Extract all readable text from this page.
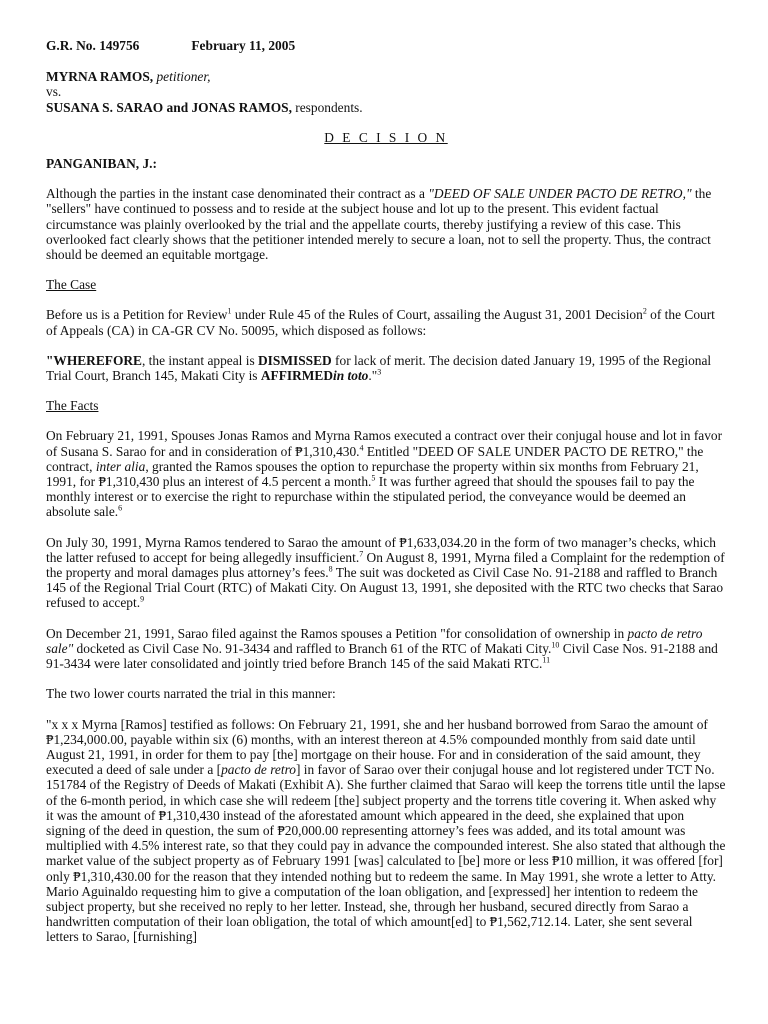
G.R. No. 149756	February 11, 2005

MYRNA RAMOS, petitioner,

vs.

SUSANA S. SARAO and JONAS RAMOS, respondents.

D E C I S I O N

PANGANIBAN, J.:

Although the parties in the instant case denominated their contract as a "DEED OF SALE UNDER PACTO DE RETRO," the "sellers" have continued to possess and to reside at the subject house and lot up to the present. This evident factual circumstance was plainly overlooked by the trial and the appellate courts, thereby justifying a review of this case. This overlooked fact clearly shows that the petitioner intended merely to secure a loan, not to sell the property. Thus, the contract should be deemed an equitable mortgage.

The Case

Before us is a Petition for Review$^1$ under Rule 45 of the Rules of Court, assailing the August 31, 2001 Decision$^2$ of the Court of Appeals (CA) in CA-GR CV No. 50095, which disposed as follows:

"WHEREFORE, the instant appeal is DISMISSED for lack of merit. The decision dated January 19, 1995 of the Regional Trial Court, Branch 145, Makati City is AFFIRMEDin toto."$^3$

The Facts

On February 21, 1991, Spouses Jonas Ramos and Myrna Ramos executed a contract over their conjugal house and lot in favor of Susana S. Sarao for and in consideration of ₱1,310,430.$^4$ Entitled "DEED OF SALE UNDER PACTO DE RETRO," the contract, inter alia, granted the Ramos spouses the option to repurchase the property within six months from February 21, 1991, for ₱1,310,430 plus an interest of 4.5 percent a month.$^5$ It was further agreed that should the spouses fail to pay the monthly interest or to exercise the right to repurchase within the stipulated period, the conveyance would be deemed an absolute sale.$^6$

On July 30, 1991, Myrna Ramos tendered to Sarao the amount of ₱1,633,034.20 in the form of two manager’s checks, which the latter refused to accept for being allegedly insufficient.$^7$ On August 8, 1991, Myrna filed a Complaint for the redemption of the property and moral damages plus attorney’s fees.$^8$ The suit was docketed as Civil Case No. 91-2188 and raffled to Branch 145 of the Regional Trial Court (RTC) of Makati City. On August 13, 1991, she deposited with the RTC two checks that Sarao refused to accept.$^9$

On December 21, 1991, Sarao filed against the Ramos spouses a Petition "for consolidation of ownership in pacto de retro sale" docketed as Civil Case No. 91-3434 and raffled to Branch 61 of the RTC of Makati City.$^{10}$ Civil Case Nos. 91-2188 and 91-3434 were later consolidated and jointly tried before Branch 145 of the said Makati RTC.$^{11}$

The two lower courts narrated the trial in this manner:

"x x x Myrna [Ramos] testified as follows: On February 21, 1991, she and her husband borrowed from Sarao the amount of ₱1,234,000.00, payable within six (6) months, with an interest thereon at 4.5% compounded monthly from said date until August 21, 1991, in order for them to pay [the] mortgage on their house. For and in consideration of the said amount, they executed a deed of sale under a [pacto de retro] in favor of Sarao over their conjugal house and lot registered under TCT No. 151784 of the Registry of Deeds of Makati (Exhibit A). She further claimed that Sarao will keep the torrens title until the lapse of the 6-month period, in which case she will redeem [the] subject property and the torrens title covering it. When asked why it was the amount of ₱1,310,430 instead of the aforestated amount which appeared in the deed, she explained that upon signing of the deed in question, the sum of ₱20,000.00 representing attorney’s fees was added, and its total amount was multiplied with 4.5% interest rate, so that they could pay in advance the compounded interest. She also stated that although the market value of the subject property as of February 1991 [was] calculated to [be] more or less ₱10 million, it was offered [for] only ₱1,310,430.00 for the reason that they intended nothing but to redeem the same. In May 1991, she wrote a letter to Atty. Mario Aguinaldo requesting him to give a computation of the loan obligation, and [expressed] her intention to redeem the subject property, but she received no reply to her letter. Instead, she, through her husband, secured directly from Sarao a handwritten computation of their loan obligation, the total of which amount[ed] to ₱1,562,712.14. Later, she sent several letters to Sarao, [furnishing]
